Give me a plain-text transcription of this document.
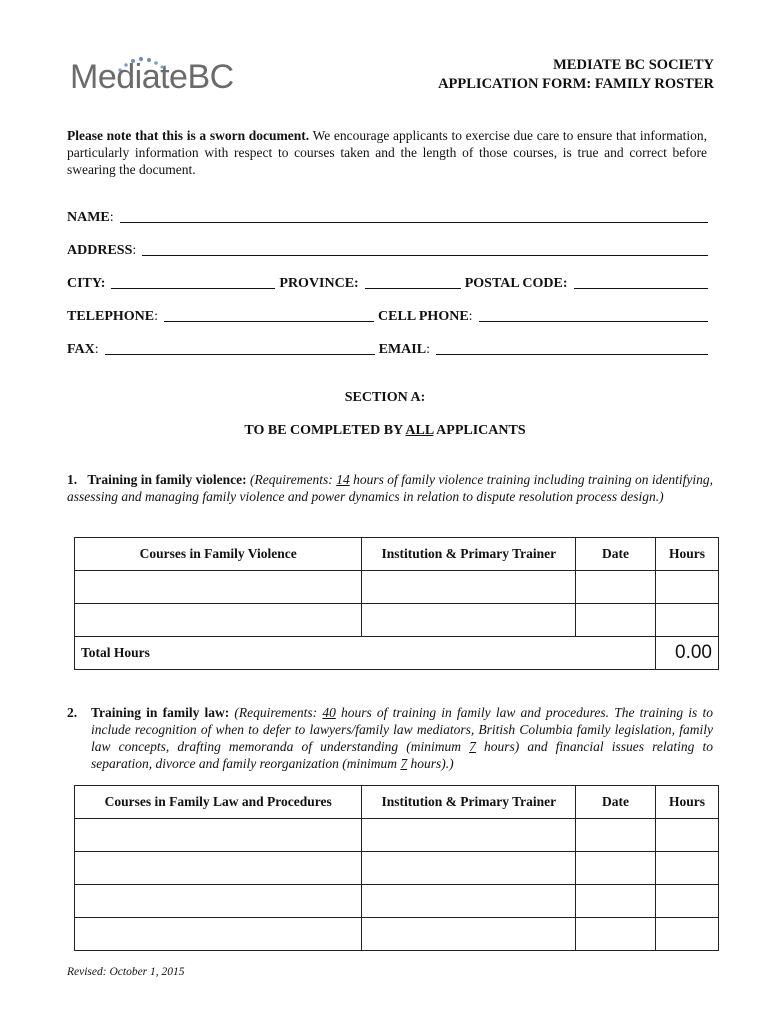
MediateBC	MEDIATE BC SOCIETY
APPLICATION FORM: FAMILY ROSTER
Please note that this is a sworn document. We encourage applicants to exercise due care to ensure that information, particularly information with respect to courses taken and the length of those courses, is true and correct before swearing the document.
NAME:
ADDRESS:
CITY:	PROVINCE:	POSTAL CODE:
TELEPHONE:	CELL PHONE:
FAX:	EMAIL:
SECTION A:
TO BE COMPLETED BY ALL APPLICANTS
1. Training in family violence: (Requirements: 14 hours of family violence training including training on identifying, assessing and managing family violence and power dynamics in relation to dispute resolution process design.)
Courses in Family Violence	Institution & Primary Trainer	Date	Hours

Total Hours			0.00
2.	Training in family law: (Requirements: 40 hours of training in family law and procedures. The training is to include recognition of when to defer to lawyers/family law mediators, British Columbia family legislation, family law concepts, drafting memoranda of understanding (minimum 7 hours) and financial issues relating to separation, divorce and family reorganization (minimum 7 hours).)
Courses in Family Law and Procedures	Institution & Primary Trainer	Date	Hours

Revised: October 1, 2015
